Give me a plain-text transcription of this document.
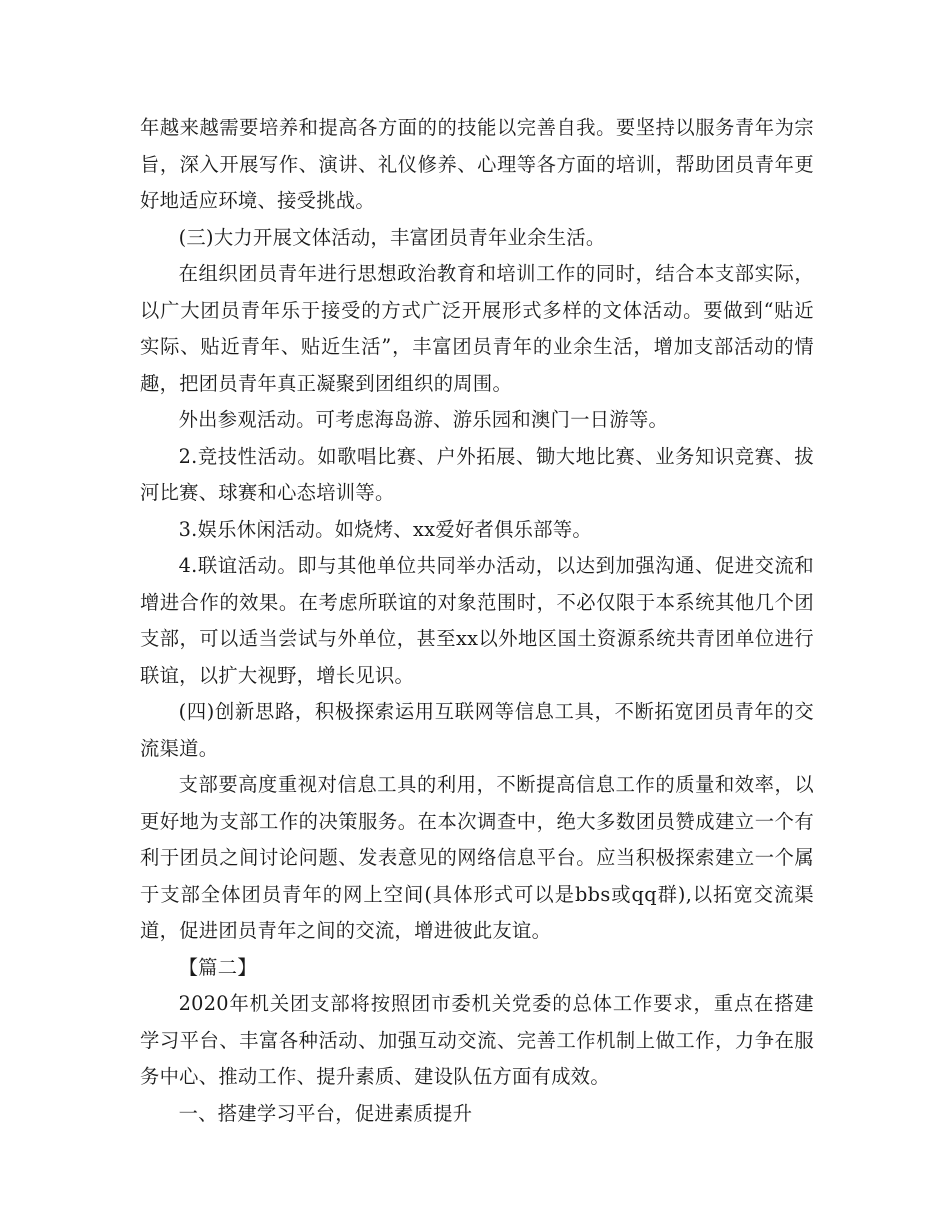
年越来越需要培养和提高各方面的的技能以完善自我。要坚持以服务青年为宗旨，深入开展写作、演讲、礼仪修养、心理等各方面的培训，帮助团员青年更好地适应环境、接受挑战。

(三)大力开展文体活动，丰富团员青年业余生活。

在组织团员青年进行思想政治教育和培训工作的同时，结合本支部实际，以广大团员青年乐于接受的方式广泛开展形式多样的文体活动。要做到“贴近实际、贴近青年、贴近生活”，丰富团员青年的业余生活，增加支部活动的情趣，把团员青年真正凝聚到团组织的周围。

外出参观活动。可考虑海岛游、游乐园和澳门一日游等。

2.竞技性活动。如歌唱比赛、户外拓展、锄大地比赛、业务知识竞赛、拔河比赛、球赛和心态培训等。

3.娱乐休闲活动。如烧烤、xx爱好者俱乐部等。

4.联谊活动。即与其他单位共同举办活动，以达到加强沟通、促进交流和增进合作的效果。在考虑所联谊的对象范围时，不必仅限于本系统其他几个团支部，可以适当尝试与外单位，甚至xx以外地区国土资源系统共青团单位进行联谊，以扩大视野，增长见识。

(四)创新思路，积极探索运用互联网等信息工具，不断拓宽团员青年的交流渠道。

支部要高度重视对信息工具的利用，不断提高信息工作的质量和效率，以更好地为支部工作的决策服务。在本次调查中，绝大多数团员赞成建立一个有利于团员之间讨论问题、发表意见的网络信息平台。应当积极探索建立一个属于支部全体团员青年的网上空间(具体形式可以是bbs或qq群),以拓宽交流渠道，促进团员青年之间的交流，增进彼此友谊。

【篇二】

2020年机关团支部将按照团市委机关党委的总体工作要求，重点在搭建学习平台、丰富各种活动、加强互动交流、完善工作机制上做工作，力争在服务中心、推动工作、提升素质、建设队伍方面有成效。

一、搭建学习平台，促进素质提升
